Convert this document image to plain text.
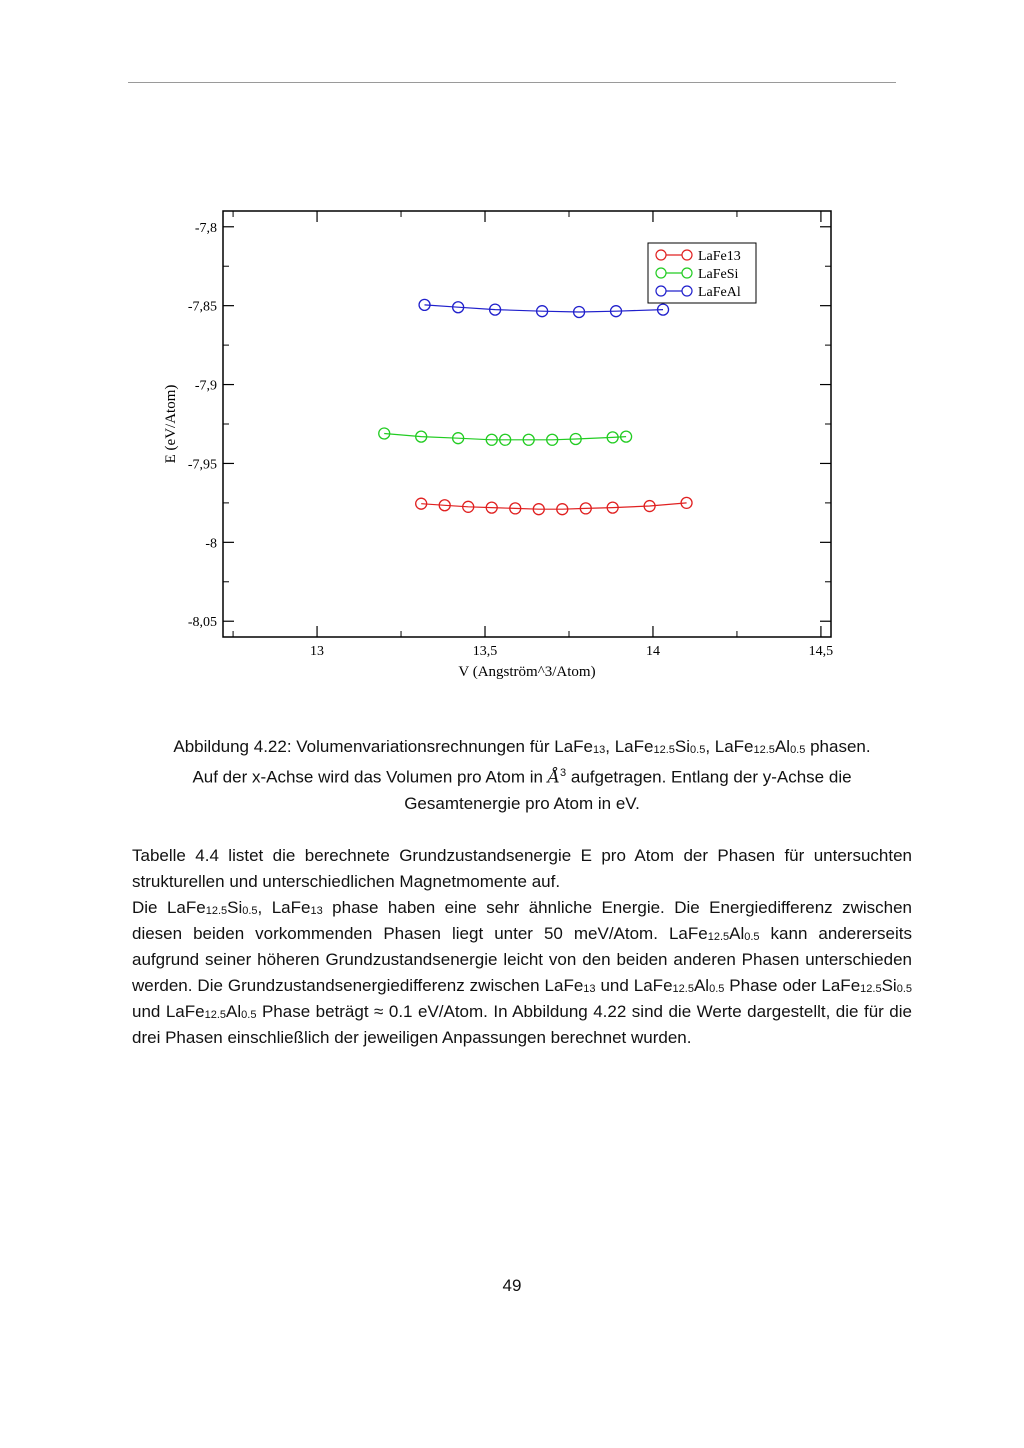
13	13,5	14	14,5
-7,8
-7,85
-7,9
-7,95
-8
-8,05
LaFe13
LaFeSi
LaFeAl
V (Angström^3/Atom)
E (eV/Atom)
Abbildung 4.22: Volumenvariationsrechnungen für LaFe$_{13}$, $LaFe_{12.5}Si_{0.5}$, $LaFe_{12.5}Al_{0.5}$ phasen.
Auf der x-Achse wird das Volumen pro Atom in $Å^3$ aufgetragen. Entlang der y-Achse die
Gesamtenergie pro Atom in eV.

Tabelle 4.4 listet die berechnete Grundzustandsenergie E pro Atom der Phasen für untersuchten strukturellen und unterschiedlichen Magnetmomente auf.

Die $LaFe_{12.5}Si_{0.5}$, LaFe$_{13}$ phase haben eine sehr ähnliche Energie. Die Energiedifferenz zwischen diesen beiden vorkommenden Phasen liegt unter 50 meV/Atom. $LaFe_{12.5}Al_{0.5}$ kann andererseits aufgrund seiner höheren Grundzustandsenergie leicht von den beiden anderen Phasen unterschieden werden. Die Grundzustandsenergiedifferenz zwischen LaFe$_{13}$ und $LaFe_{12.5}Al_{0.5}$ Phase oder $LaFe_{12.5}Si_{0.5}$ und $LaFe_{12.5}Al_{0.5}$ Phase beträgt ≈ 0.1 eV/Atom. In Abbildung 4.22 sind die Werte dargestellt, die für die drei Phasen einschließlich der jeweiligen Anpassungen berechnet wurden.

49
